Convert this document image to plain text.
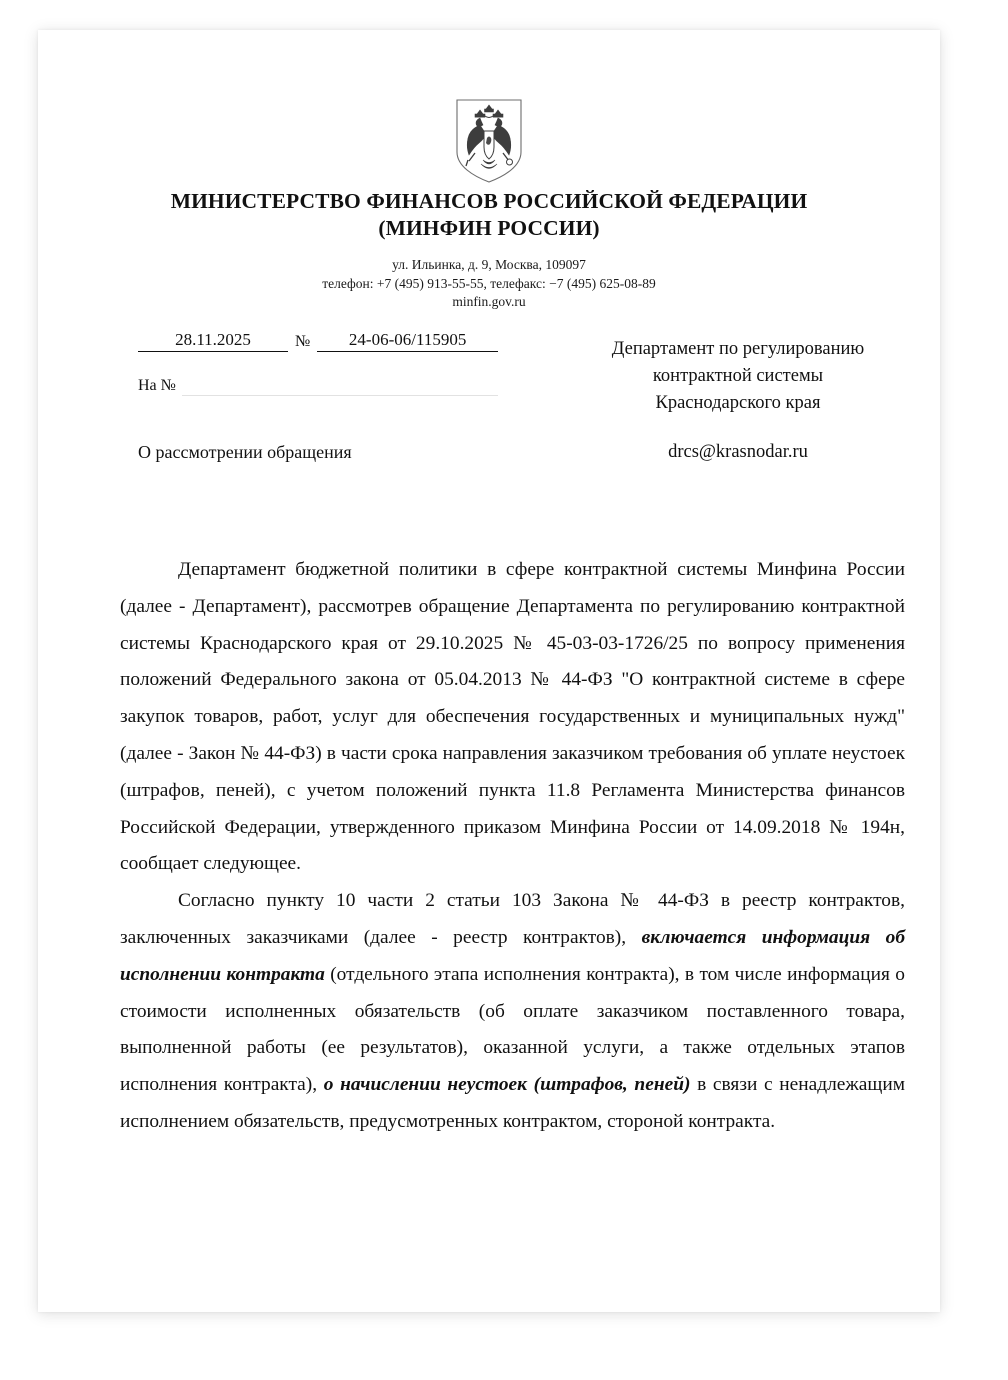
МИНИСТЕРСТВО ФИНАНСОВ РОССИЙСКОЙ ФЕДЕРАЦИИ
(МИНФИН РОССИИ)
ул. Ильинка, д. 9, Москва, 109097
телефон: +7 (495) 913-55-55, телефакс: −7 (495) 625-08-89
minfin.gov.ru
28.11.2025	№	24-06-06/115905
На №
Департамент по регулированию
контрактной системы
Краснодарского края
drcs@krasnodar.ru
О рассмотрении обращения

Департамент бюджетной политики в сфере контрактной системы Минфина России (далее - Департамент), рассмотрев обращение Департамента по регулированию контрактной системы Краснодарского края от 29.10.2025 № 45-03-03-1726/25 по вопросу применения положений Федерального закона от 05.04.2013 № 44-ФЗ "О контрактной системе в сфере закупок товаров, работ, услуг для обеспечения государственных и муниципальных нужд" (далее - Закон № 44-ФЗ) в части срока направления заказчиком требования об уплате неустоек (штрафов, пеней), с учетом положений пункта 11.8 Регламента Министерства финансов Российской Федерации, утвержденного приказом Минфина России от 14.09.2018 № 194н, сообщает следующее.

Согласно пункту 10 части 2 статьи 103 Закона № 44-ФЗ в реестр контрактов, заключенных заказчиками (далее - реестр контрактов), включается информация об исполнении контракта (отдельного этапа исполнения контракта), в том числе информация о стоимости исполненных обязательств (об оплате заказчиком поставленного товара, выполненной работы (ее результатов), оказанной услуги, а также отдельных этапов исполнения контракта), о начислении неустоек (штрафов, пеней) в связи с ненадлежащим исполнением обязательств, предусмотренных контрактом, стороной контракта.
